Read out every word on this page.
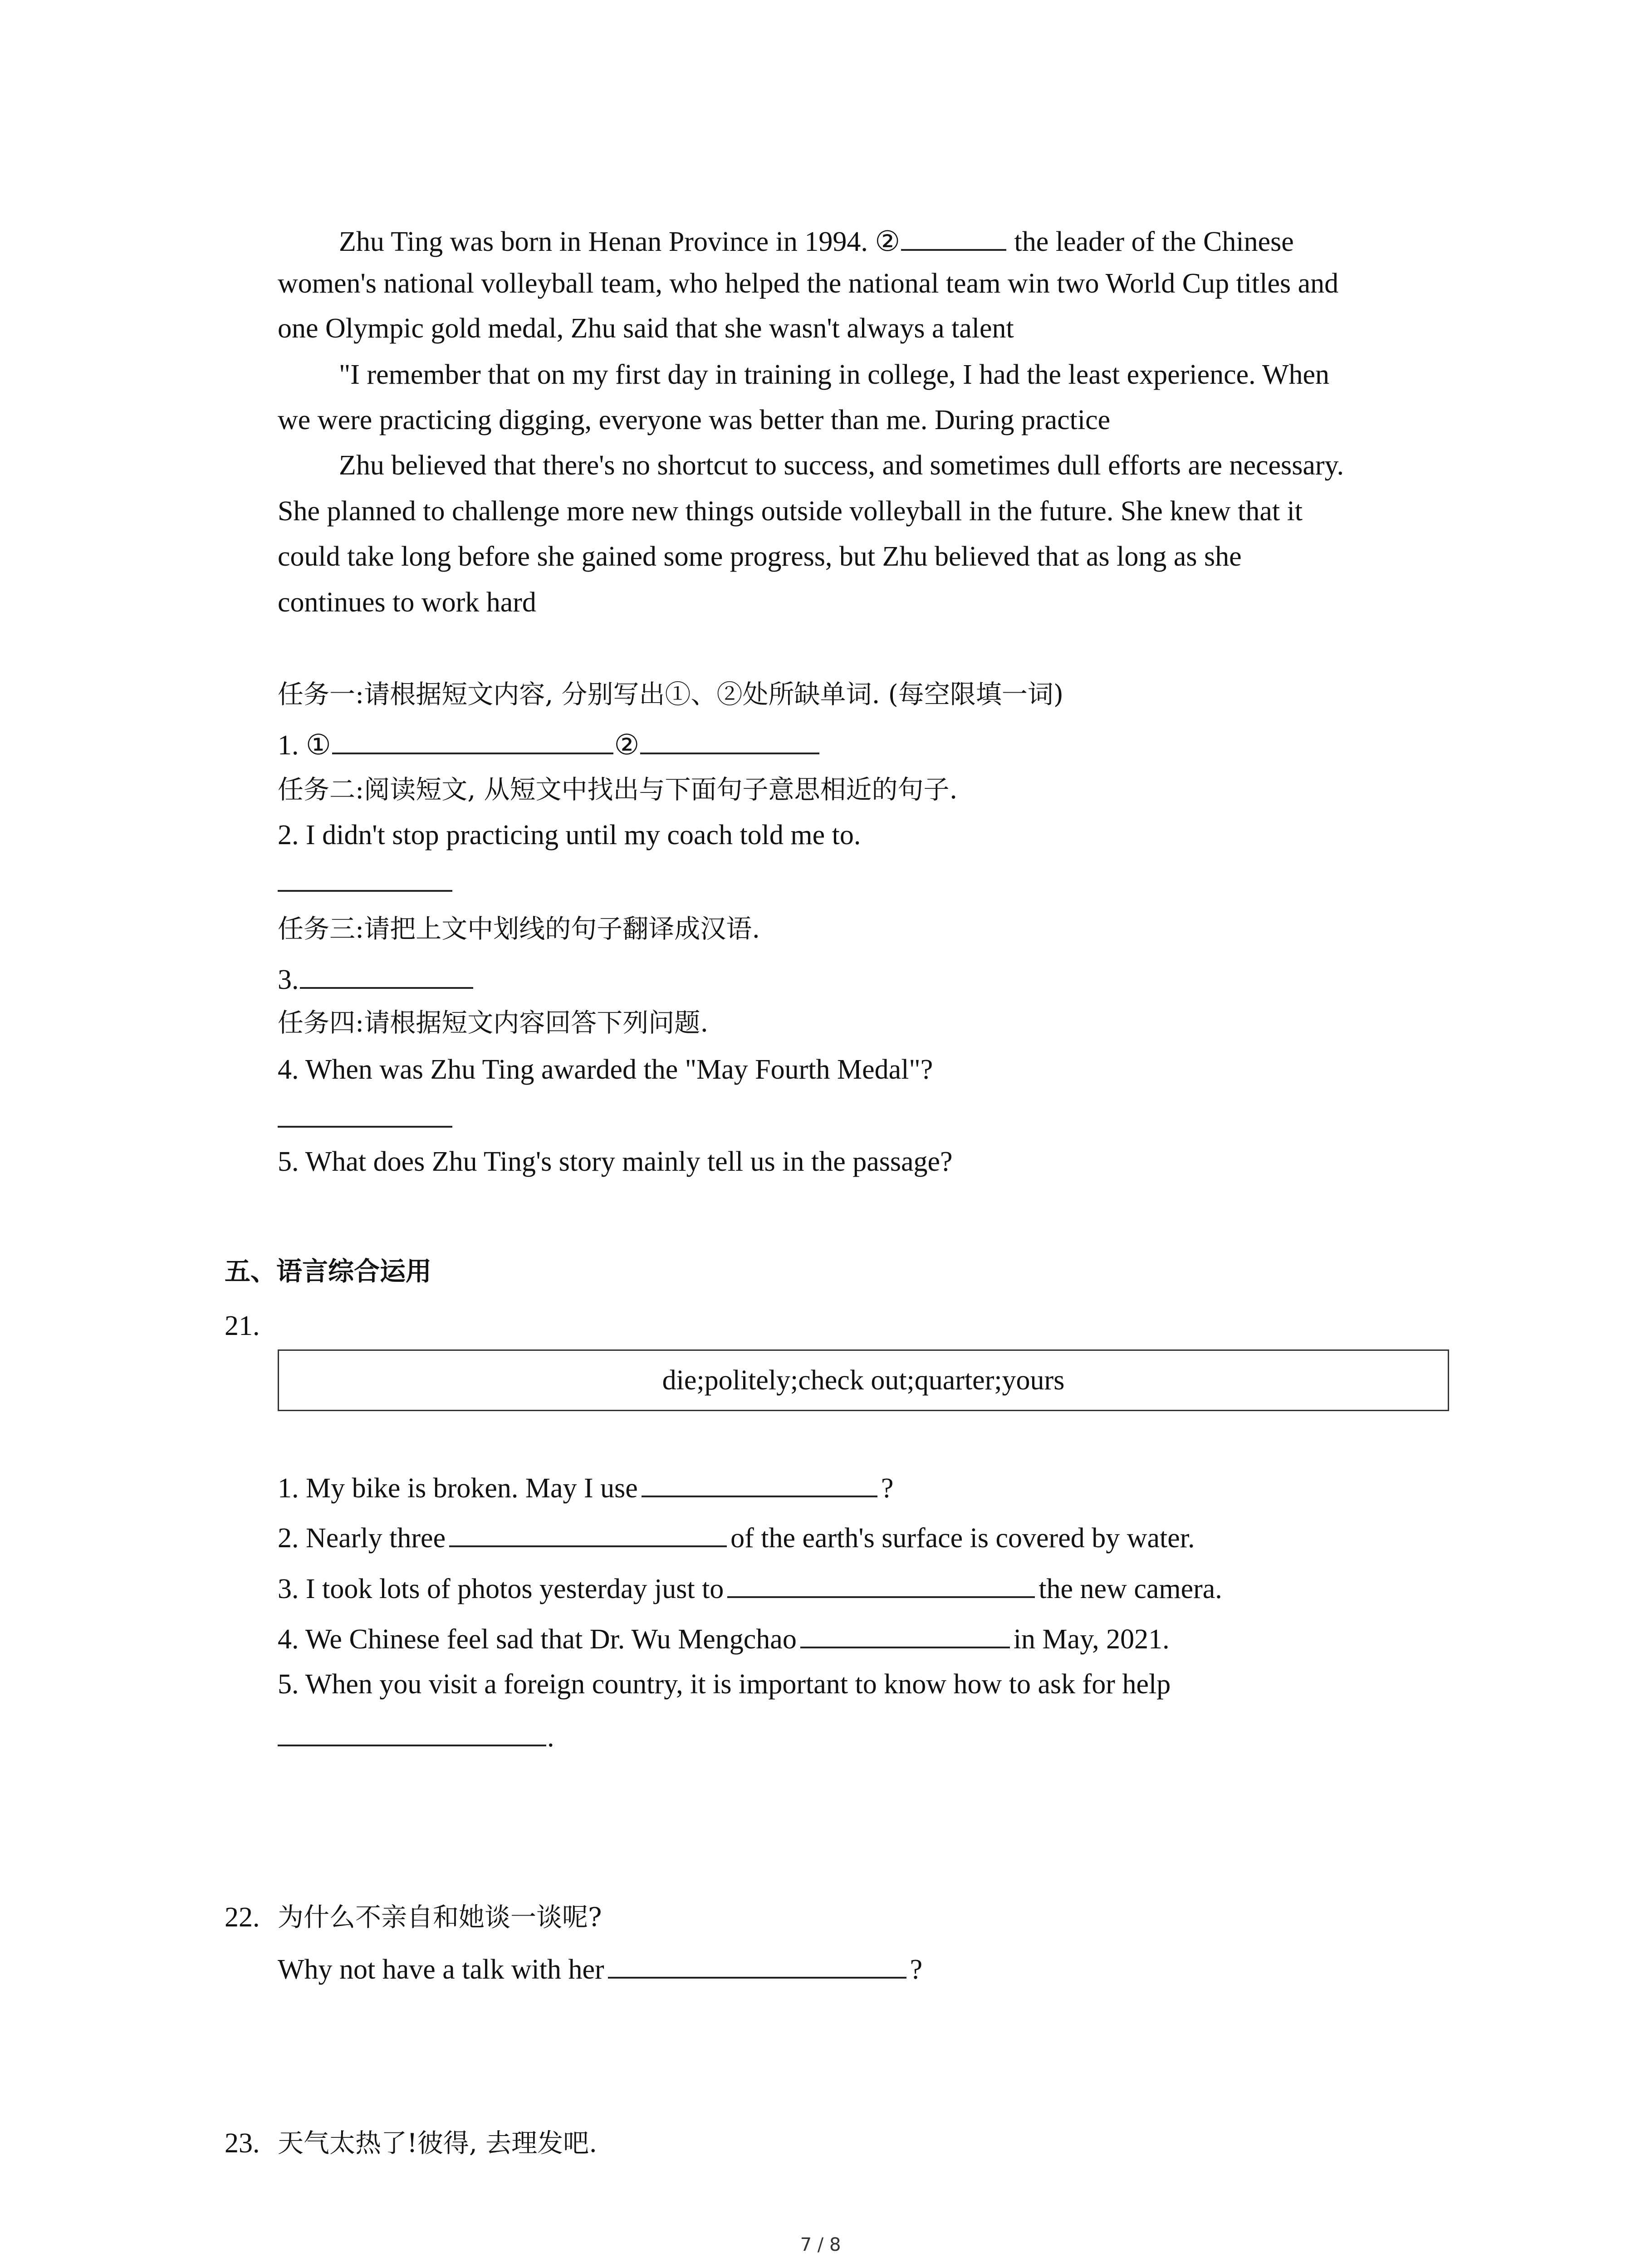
Zhu Ting was born in Henan Province in 1994. ②	the leader of the Chinese
women's national volleyball team, who helped the national team win two World Cup titles and
one Olympic gold medal, Zhu said that she wasn't always a talent
"I remember that on my first day in training in college, I had the least experience. When
we were practicing digging, everyone was better than me. During practice
Zhu believed that there's no shortcut to success, and sometimes dull efforts are necessary.
She planned to challenge more new things outside volleyball in the future. She knew that it
could take long before she gained some progress, but Zhu believed that as long as she
continues to work hard
任务一:请根据短文内容, 分别写出①、②处所缺单词. (每空限填一词)
1. ①	②
任务二:阅读短文, 从短文中找出与下面句子意思相近的句子.
2. I didn't stop practicing until my coach told me to.
任务三:请把上文中划线的句子翻译成汉语.
3.
任务四:请根据短文内容回答下列问题.
4. When was Zhu Ting awarded the "May Fourth Medal"?
5. What does Zhu Ting's story mainly tell us in the passage?
五、语言综合运用
21.
die;politely;check out;quarter;yours
1. My bike is broken. May I use	?
2. Nearly three	of the earth's surface is covered by water.
3. I took lots of photos yesterday just to	the new camera.
4. We Chinese feel sad that Dr. Wu Mengchao	in May, 2021.
5. When you visit a foreign country, it is important to know how to ask for help
.
22. 为什么不亲自和她谈一谈呢?
Why not have a talk with her	?
23. 天气太热了!彼得, 去理发吧.
7 / 8
